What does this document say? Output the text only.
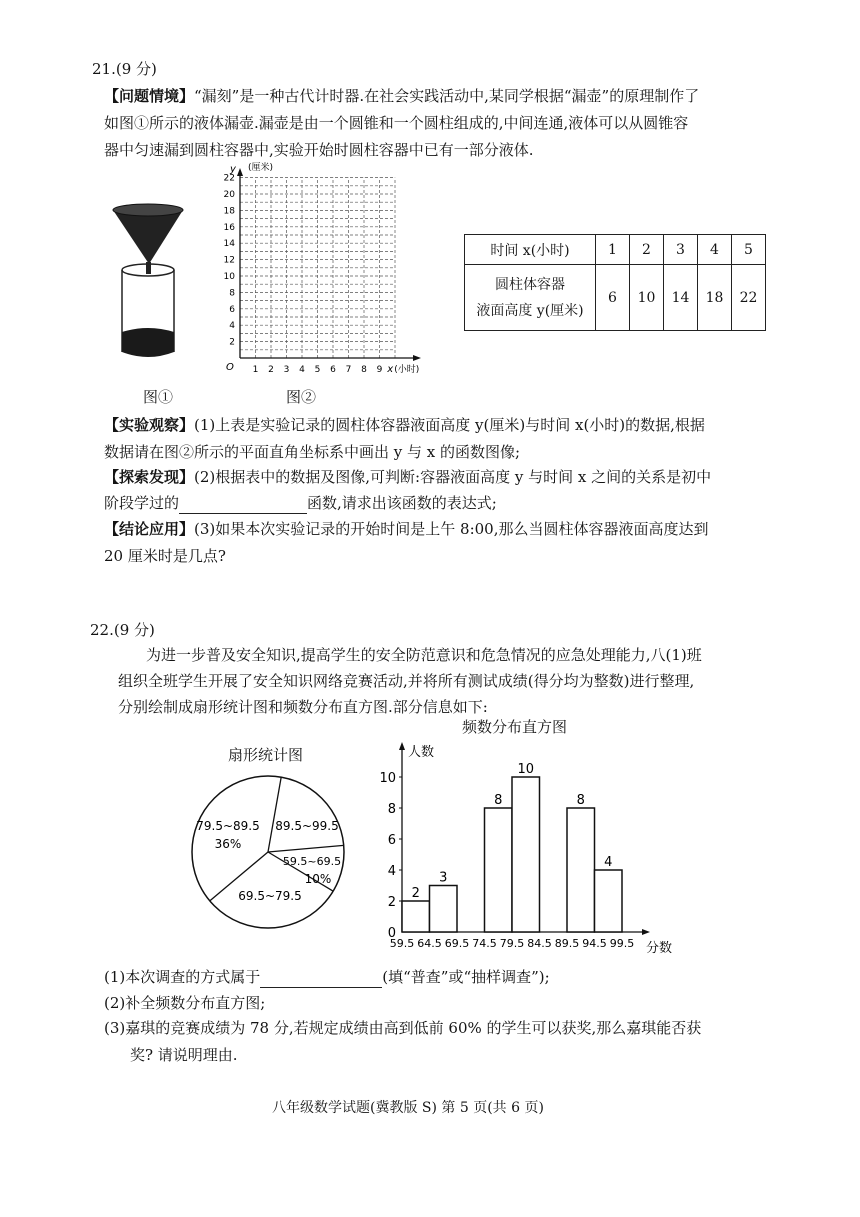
21.(9 分)
【问题情境】“漏刻”是一种古代计时器.在社会实践活动中,某同学根据“漏壶”的原理制作了
如图①所示的液体漏壶.漏壶是由一个圆锥和一个圆柱组成的,中间连通,液体可以从圆锥容
器中匀速漏到圆柱容器中,实验开始时圆柱容器中已有一部分液体.
图①
2
4
6
8
10
12
14
16
18
20
22
1 2 3 4 5 6 7 8 9
O
y (厘米)
x (小时)
图②
时间 x(小时)	1	2	3	4	5

圆柱体容器
液面高度 y(厘米)	6	10	14	18	22
【实验观察】(1)上表是实验记录的圆柱体容器液面高度 y(厘米)与时间 x(小时)的数据,根据
数据请在图②所示的平面直角坐标系中画出 y 与 x 的函数图像;
【探索发现】(2)根据表中的数据及图像,可判断:容器液面高度 y 与时间 x 之间的关系是初中
阶段学过的	函数,请求出该函数的表达式;
【结论应用】(3)如果本次实验记录的开始时间是上午 8:00,那么当圆柱体容器液面高度达到
20 厘米时是几点?
22.(9 分)
为进一步普及安全知识,提高学生的安全防范意识和危急情况的应急处理能力,八(1)班
组织全班学生开展了安全知识网络竞赛活动,并将所有测试成绩(得分均为整数)进行整理,
分别绘制成扇形统计图和频数分布直方图.部分信息如下:
扇形统计图
79.5~89.5
36%
89.5~99.5
59.5~69.5
10%
69.5~79.5
频数分布直方图
人数
分数
0
2
4
6
8
10
59.5 64.5 69.5 74.5 79.5 84.5 89.5 94.5 99.5
2
3
8
10
8
4
(1)本次调查的方式属于	(填“普查”或“抽样调查”);
(2)补全频数分布直方图;
(3)嘉琪的竞赛成绩为 78 分,若规定成绩由高到低前 60% 的学生可以获奖,那么嘉琪能否获
奖? 请说明理由.
八年级数学试题(冀教版 S) 第 5 页(共 6 页)
